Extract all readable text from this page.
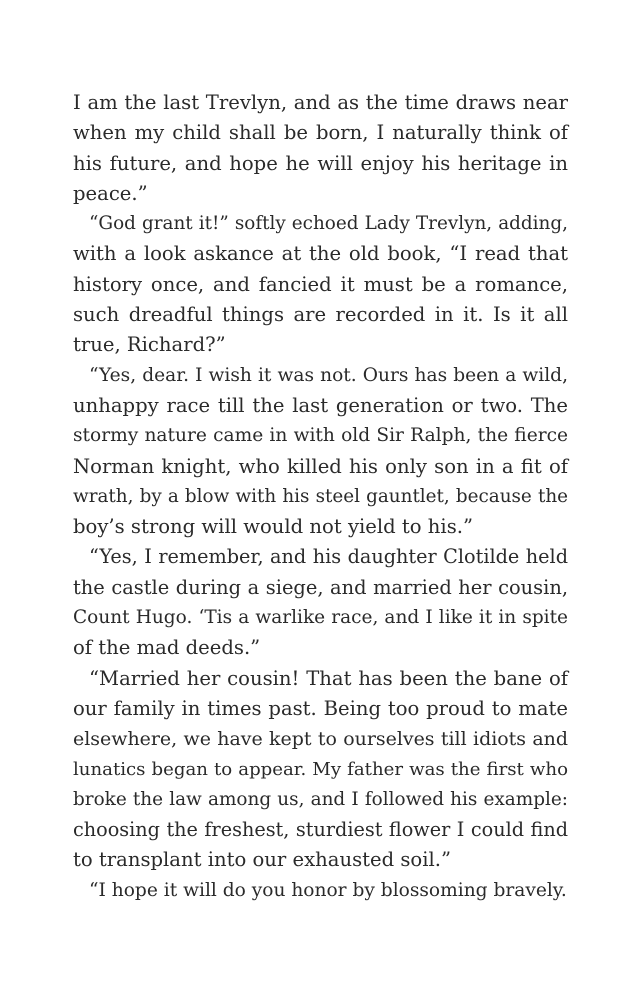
I am the last Trevlyn, and as the time draws near
when my child shall be born, I naturally think of
his future, and hope he will enjoy his heritage in
peace.”
“God grant it!” softly echoed Lady Trevlyn, adding,
with a look askance at the old book, “I read that
history once, and fancied it must be a romance,
such dreadful things are recorded in it. Is it all
true, Richard?”
“Yes, dear. I wish it was not. Ours has been a wild,
unhappy race till the last generation or two. The
stormy nature came in with old Sir Ralph, the fierce
Norman knight, who killed his only son in a fit of
wrath, by a blow with his steel gauntlet, because the
boy’s strong will would not yield to his.”
“Yes, I remember, and his daughter Clotilde held
the castle during a siege, and married her cousin,
Count Hugo. ‘Tis a warlike race, and I like it in spite
of the mad deeds.”
“Married her cousin! That has been the bane of
our family in times past. Being too proud to mate
elsewhere, we have kept to ourselves till idiots and
lunatics began to appear. My father was the first who
broke the law among us, and I followed his example:
choosing the freshest, sturdiest flower I could find
to transplant into our exhausted soil.”
“I hope it will do you honor by blossoming bravely.
